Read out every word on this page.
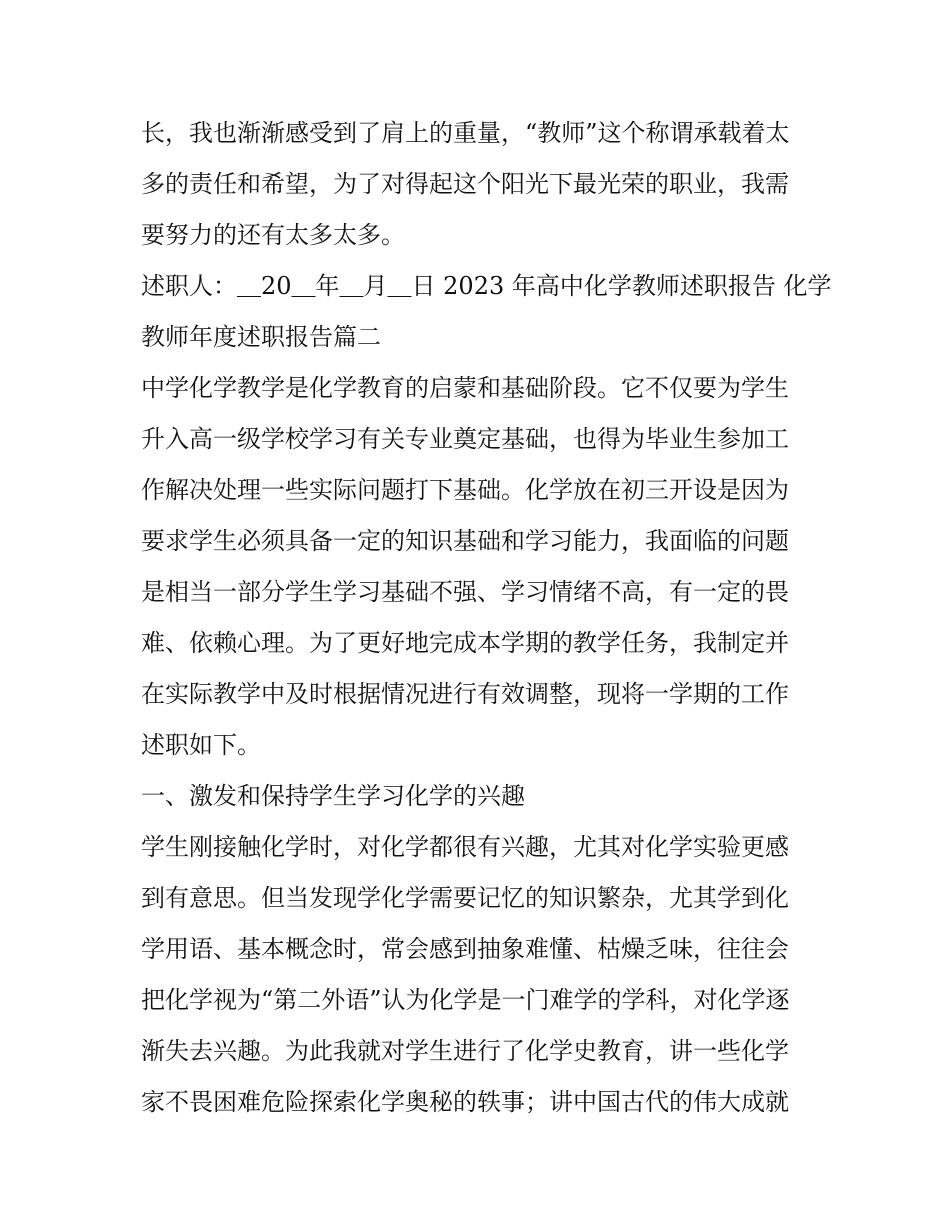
长，我也渐渐感受到了肩上的重量，“教师”这个称谓承载着太
多的责任和希望，为了对得起这个阳光下最光荣的职业，我需
要努力的还有太多太多。
述职人：＿20＿年＿月＿日 2023 年高中化学教师述职报告 化学
教师年度述职报告篇二
中学化学教学是化学教育的启蒙和基础阶段。它不仅要为学生
升入高一级学校学习有关专业奠定基础，也得为毕业生参加工
作解决处理一些实际问题打下基础。化学放在初三开设是因为
要求学生必须具备一定的知识基础和学习能力，我面临的问题
是相当一部分学生学习基础不强、学习情绪不高，有一定的畏
难、依赖心理。为了更好地完成本学期的教学任务，我制定并
在实际教学中及时根据情况进行有效调整，现将一学期的工作
述职如下。
一、激发和保持学生学习化学的兴趣
学生刚接触化学时，对化学都很有兴趣，尤其对化学实验更感
到有意思。但当发现学化学需要记忆的知识繁杂，尤其学到化
学用语、基本概念时，常会感到抽象难懂、枯燥乏味，往往会
把化学视为“第二外语”认为化学是一门难学的学科，对化学逐
渐失去兴趣。为此我就对学生进行了化学史教育，讲一些化学
家不畏困难危险探索化学奥秘的轶事；讲中国古代的伟大成就
